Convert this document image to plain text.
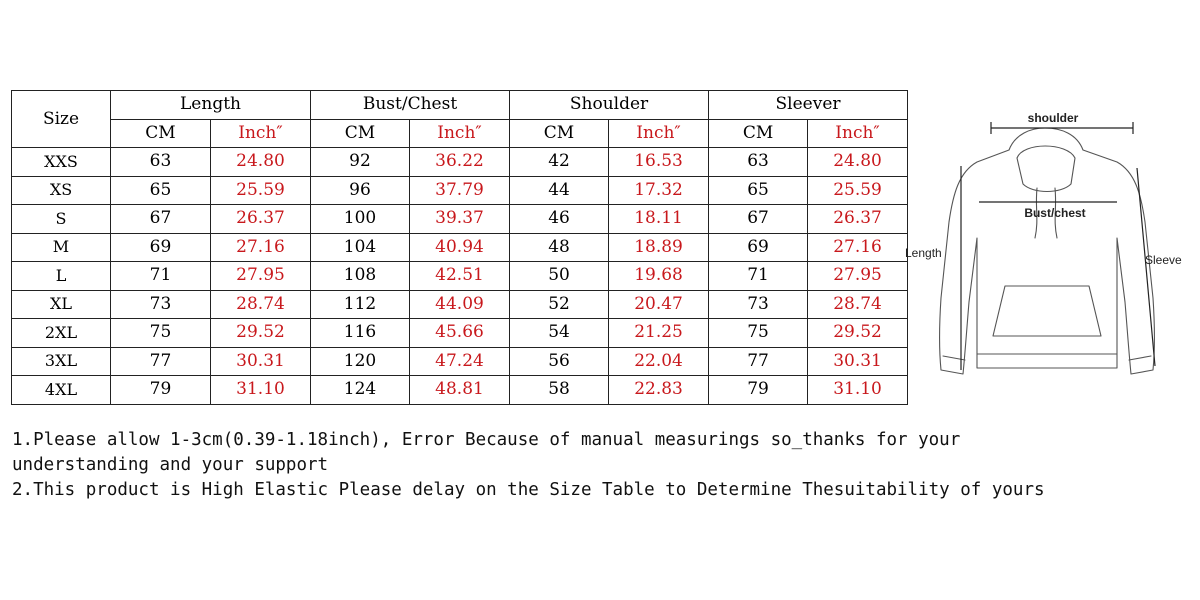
Size	Length		Bust/Chest		Shoulder		Sleever	
	CM	Inch″	CM	Inch″	CM	Inch″	CM	Inch″
XXS	63	24.80	92	36.22	42	16.53	63	24.80
XS	65	25.59	96	37.79	44	17.32	65	25.59
S	67	26.37	100	39.37	46	18.11	67	26.37
M	69	27.16	104	40.94	48	18.89	69	27.16
L	71	27.95	108	42.51	50	19.68	71	27.95
XL	73	28.74	112	44.09	52	20.47	73	28.74
2XL	75	29.52	116	45.66	54	21.25	75	29.52
3XL	77	30.31	120	47.24	56	22.04	77	30.31
4XL	79	31.10	124	48.81	58	22.83	79	31.10
shoulder
Bust/chest
Length	Sleeve

1.Please allow 1-3cm(0.39-1.18inch), Error Because of manual measurings so_thanks for your

understanding and your support

2.This product is High Elastic Please delay on the Size Table to Determine Thesuitability of yours
